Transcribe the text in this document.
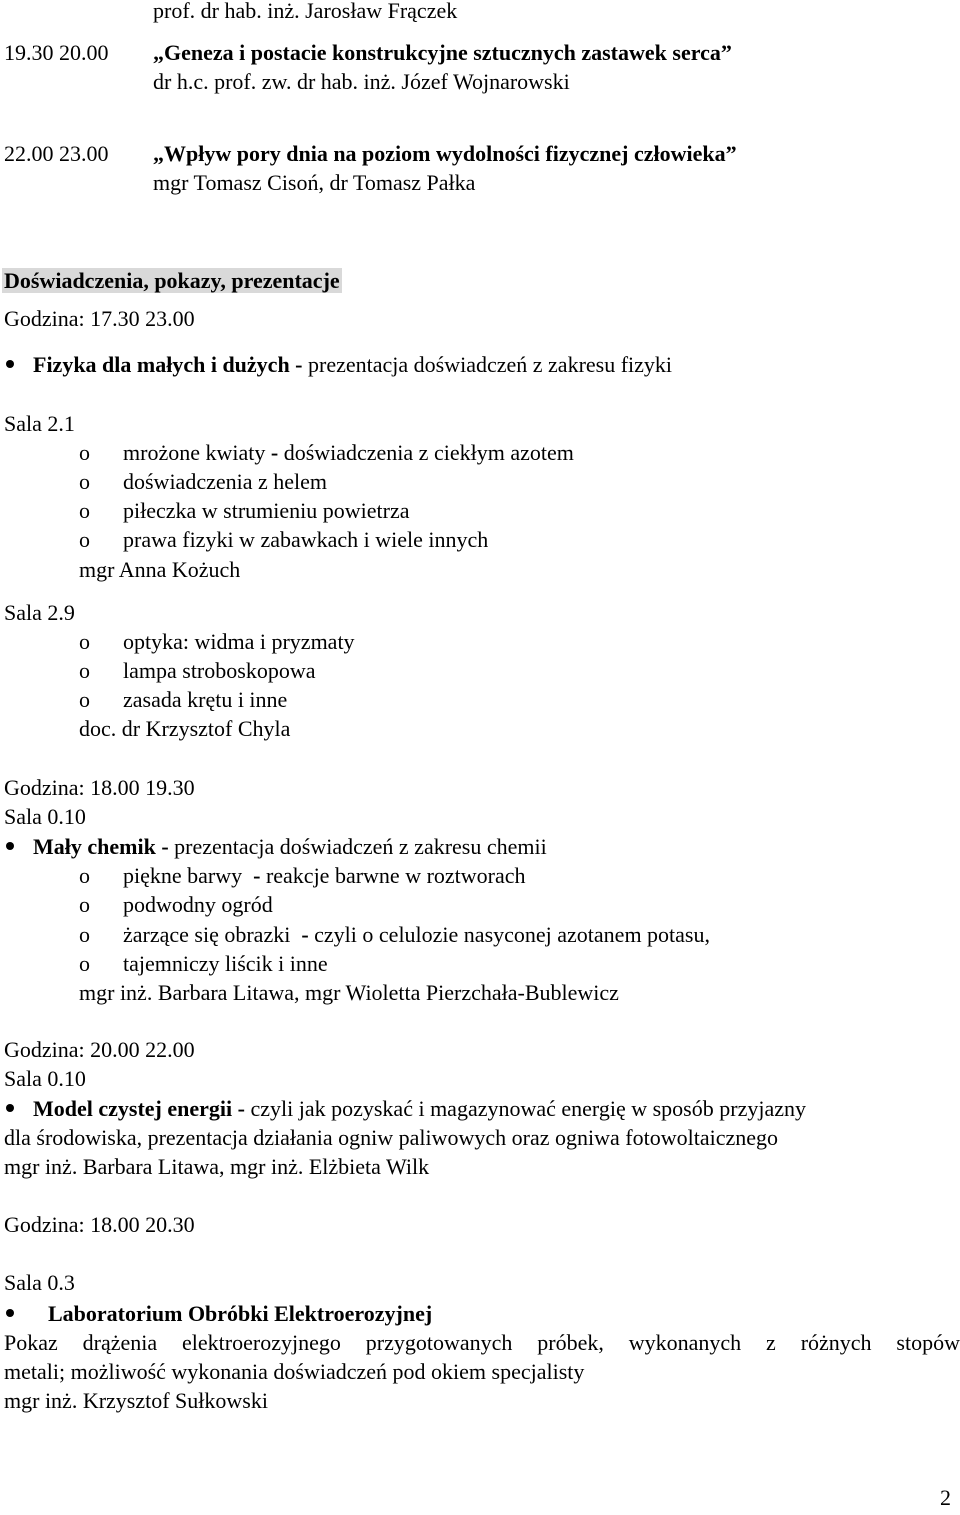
prof. dr hab. inż. Jarosław Frączek
19.30 20.00 „Geneza i postacie konstrukcyjne sztucznych zastawek serca”
dr h.c. prof. zw. dr hab. inż. Józef Wojnarowski
22.00 23.00 „Wpływ pory dnia na poziom wydolności fizycznej człowieka”
mgr Tomasz Cisoń, dr Tomasz Pałka
Doświadczenia, pokazy, prezentacje
Godzina: 17.30 23.00
Fizyka dla małych i dużych - prezentacja doświadczeń z zakresu fizyki
Sala 2.1
o mrożone kwiaty - doświadczenia z ciekłym azotem
o doświadczenia z helem
o piłeczka w strumieniu powietrza
o prawa fizyki w zabawkach i wiele innych
mgr Anna Kożuch
Sala 2.9
o optyka: widma i pryzmaty
o lampa stroboskopowa
o zasada krętu i inne
doc. dr Krzysztof Chyla
Godzina: 18.00 19.30
Sala 0.10
Mały chemik - prezentacja doświadczeń z zakresu chemii
o piękne barwy  - reakcje barwne w roztworach
o podwodny ogród
o żarzące się obrazki  - czyli o celulozie nasyconej azotanem potasu,
o tajemniczy liścik i inne
mgr inż. Barbara Litawa, mgr Wioletta Pierzchała-Bublewicz
Godzina: 20.00 22.00
Sala 0.10
Model czystej energii - czyli jak pozyskać i magazynować energię w sposób przyjazny
dla środowiska, prezentacja działania ogniw paliwowych oraz ogniwa fotowoltaicznego
mgr inż. Barbara Litawa, mgr inż. Elżbieta Wilk
Godzina: 18.00 20.30
Sala 0.3
Laboratorium Obróbki Elektroerozyjnej
Pokaz drążenia elektroerozyjnego przygotowanych próbek, wykonanych z różnych stopów
metali; możliwość wykonania doświadczeń pod okiem specjalisty
mgr inż. Krzysztof Sułkowski
2
